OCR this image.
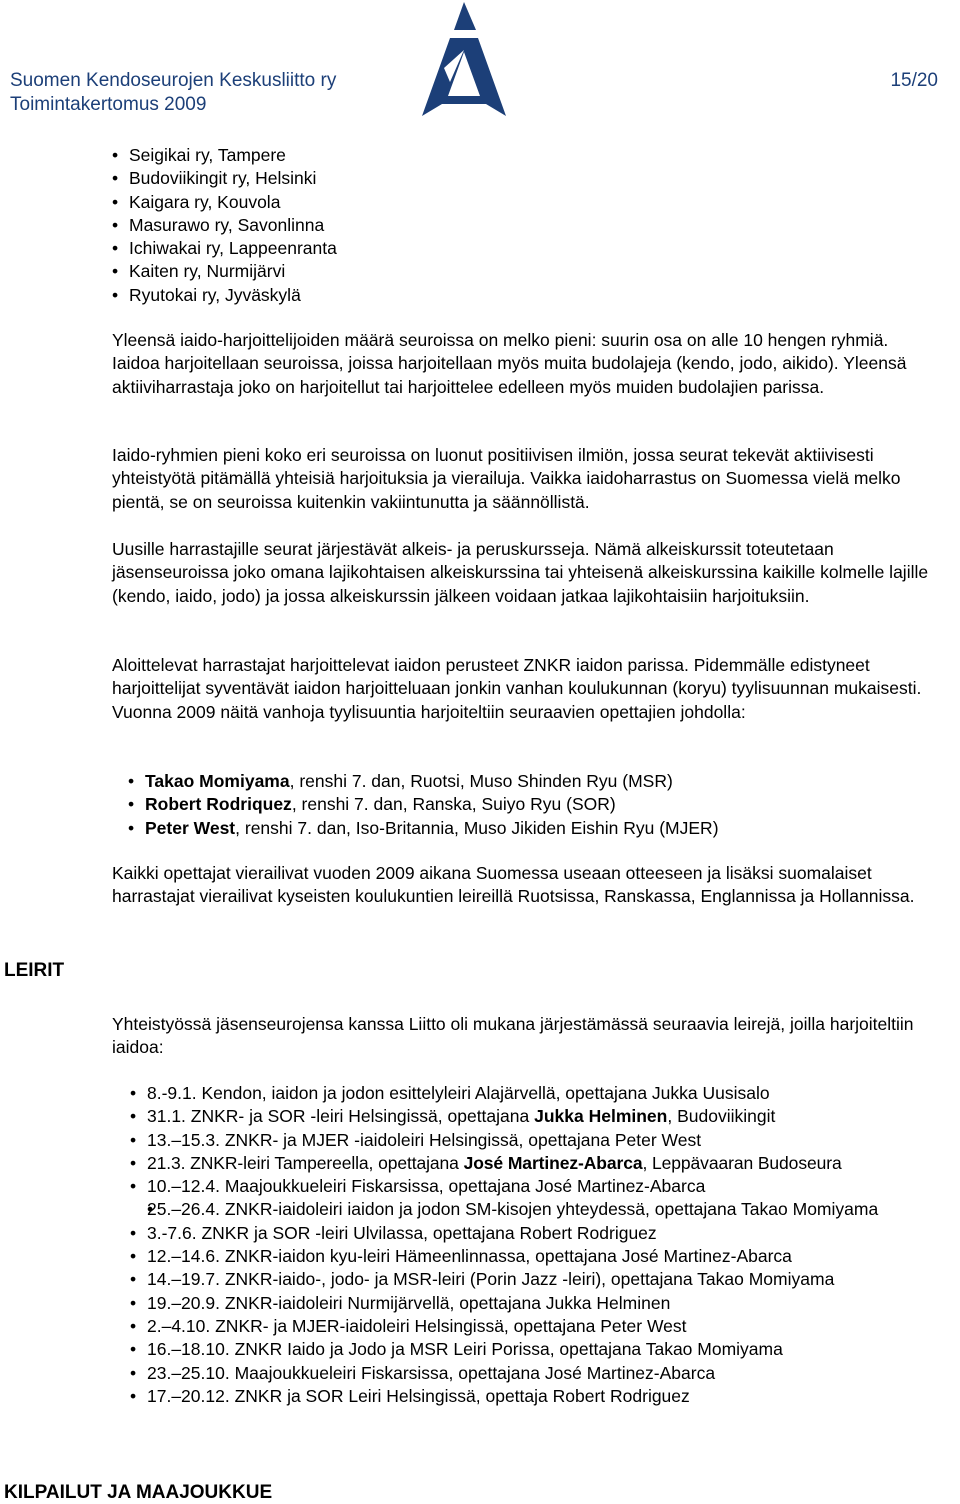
Suomen Kendoseurojen Keskusliitto ry
Toimintakertomus 2009
15/20
• Seigikai ry, Tampere
• Budoviikingit ry, Helsinki
• Kaigara ry, Kouvola
• Masurawo ry, Savonlinna
• Ichiwakai ry, Lappeenranta
• Kaiten ry, Nurmijärvi
• Ryutokai ry, Jyväskylä

Yleensä iaido-harjoittelijoiden määrä seuroissa on melko pieni: suurin osa on alle 10 hengen ryhmiä. Iaidoa harjoitellaan seuroissa, joissa harjoitellaan myös muita budolajeja (kendo, jodo, aikido). Yleensä aktiiviharrastaja joko on harjoitellut tai harjoittelee edelleen myös muiden budolajien parissa.

Iaido-ryhmien pieni koko eri seuroissa on luonut positiivisen ilmiön, jossa seurat tekevät aktiivisesti yhteistyötä pitämällä yhteisiä harjoituksia ja vierailuja. Vaikka iaidoharrastus on Suomessa vielä melko pientä, se on seuroissa kuitenkin vakiintunutta ja säännöllistä.

Uusille harrastajille seurat järjestävät alkeis- ja peruskursseja. Nämä alkeiskurssit toteutetaan jäsenseuroissa joko omana lajikohtaisen alkeiskurssina tai yhteisenä alkeiskurssina kaikille kolmelle lajille (kendo, iaido, jodo) ja jossa alkeiskurssin jälkeen voidaan jatkaa lajikohtaisiin harjoituksiin.

Aloittelevat harrastajat harjoittelevat iaidon perusteet ZNKR iaidon parissa. Pidemmälle edistyneet harjoittelijat syventävät iaidon harjoitteluaan jonkin vanhan koulukunnan (koryu) tyylisuunnan mukaisesti. Vuonna 2009 näitä vanhoja tyylisuuntia harjoiteltiin seuraavien opettajien johdolla:

• Takao Momiyama, renshi 7. dan, Ruotsi, Muso Shinden Ryu (MSR)
• Robert Rodriquez, renshi 7. dan, Ranska, Suiyo Ryu (SOR)
• Peter West, renshi 7. dan, Iso-Britannia, Muso Jikiden Eishin Ryu (MJER)

Kaikki opettajat vierailivat vuoden 2009 aikana Suomessa useaan otteeseen ja lisäksi suomalaiset harrastajat vierailivat kyseisten koulukuntien leireillä Ruotsissa, Ranskassa, Englannissa ja Hollannissa.

LEIRIT

Yhteistyössä jäsenseurojensa kanssa Liitto oli mukana järjestämässä seuraavia leirejä, joilla harjoiteltiin iaidoa:

• 8.-9.1. Kendon, iaidon ja jodon esittelyleiri Alajärvellä, opettajana Jukka Uusisalo
• 31.1. ZNKR- ja SOR -leiri Helsingissä, opettajana Jukka Helminen, Budoviikingit
• 13.–15.3. ZNKR- ja MJER -iaidoleiri Helsingissä, opettajana Peter West
• 21.3. ZNKR-leiri Tampereella, opettajana José Martinez-Abarca, Leppävaaran Budoseura
• 10.–12.4. Maajoukkueleiri Fiskarsissa, opettajana José Martinez-Abarca
• 25.–26.4. ZNKR-iaidoleiri iaidon ja jodon SM-kisojen yhteydessä, opettajana Takao Momiyama
• 3.-7.6. ZNKR ja SOR -leiri Ulvilassa, opettajana Robert Rodriguez
• 12.–14.6. ZNKR-iaidon kyu-leiri Hämeenlinnassa, opettajana José Martinez-Abarca
• 14.–19.7. ZNKR-iaido-, jodo- ja MSR-leiri (Porin Jazz -leiri), opettajana Takao Momiyama
• 19.–20.9. ZNKR-iaidoleiri Nurmijärvellä, opettajana Jukka Helminen
• 2.–4.10. ZNKR- ja MJER-iaidoleiri Helsingissä, opettajana Peter West
• 16.–18.10. ZNKR Iaido ja Jodo ja MSR Leiri Porissa, opettajana Takao Momiyama
• 23.–25.10. Maajoukkueleiri Fiskarsissa, opettajana José Martinez-Abarca
• 17.–20.12. ZNKR ja SOR Leiri Helsingissä, opettaja Robert Rodriguez
KILPAILUT JA MAAJOUKKUE
